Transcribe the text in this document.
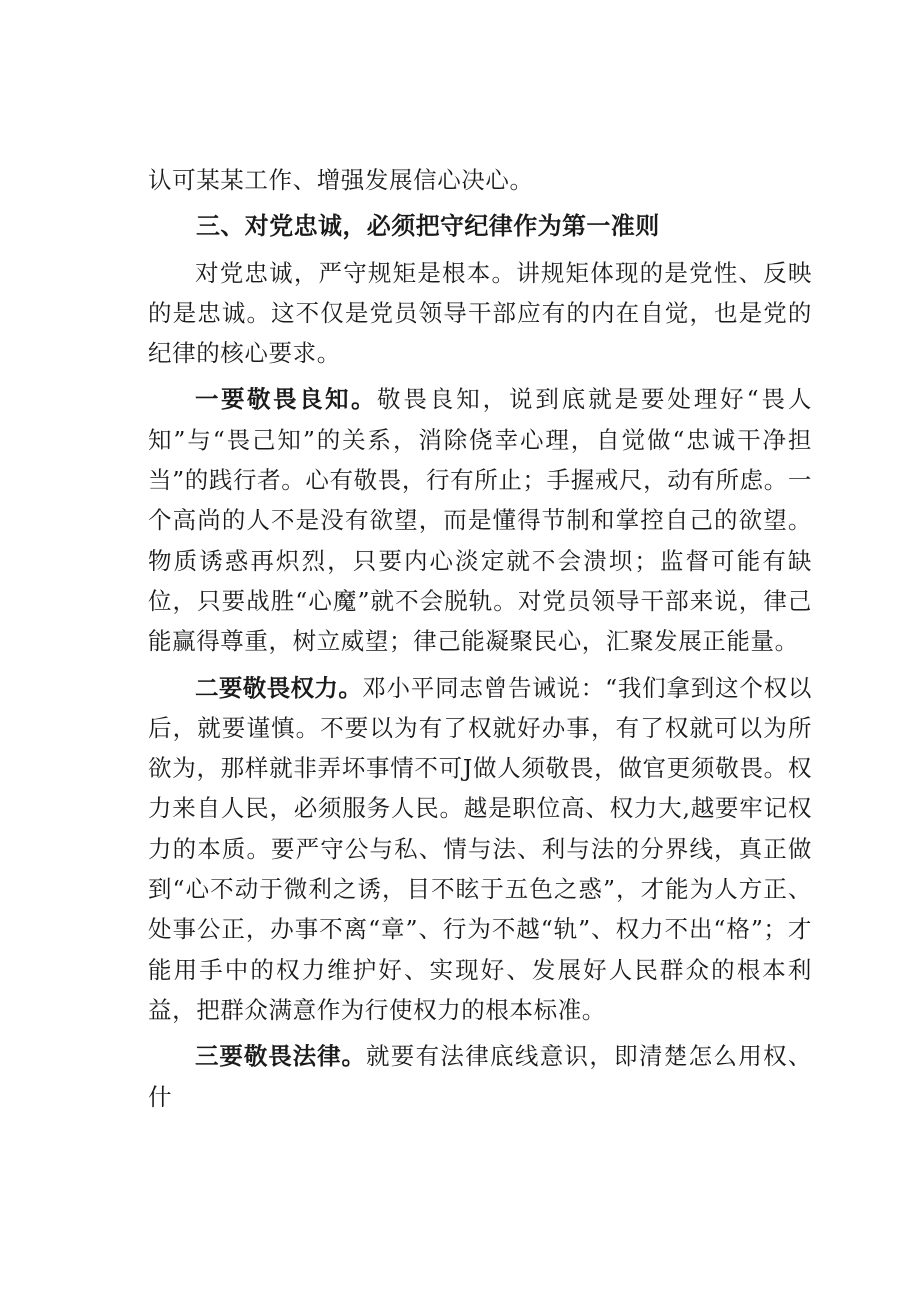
认可某某工作、增强发展信心决心。

三、对党忠诚，必须把守纪律作为第一准则

对党忠诚，严守规矩是根本。讲规矩体现的是党性、反映的是忠诚。这不仅是党员领导干部应有的内在自觉，也是党的纪律的核心要求。

一要敬畏良知。敬畏良知，说到底就是要处理好“畏人知”与“畏己知”的关系，消除侥幸心理，自觉做“忠诚干净担当”的践行者。心有敬畏，行有所止；手握戒尺，动有所虑。一个高尚的人不是没有欲望，而是懂得节制和掌控自己的欲望。物质诱惑再炽烈，只要内心淡定就不会溃坝；监督可能有缺位，只要战胜“心魔”就不会脱轨。对党员领导干部来说，律己能赢得尊重，树立威望；律己能凝聚民心，汇聚发展正能量。

二要敬畏权力。邓小平同志曾告诫说：“我们拿到这个权以后，就要谨慎。不要以为有了权就好办事，有了权就可以为所欲为，那样就非弄坏事情不可J做人须敬畏，做官更须敬畏。权力来自人民，必须服务人民。越是职位高、权力大,越要牢记权力的本质。要严守公与私、情与法、利与法的分界线，真正做到“心不动于微利之诱，目不眩于五色之惑”，才能为人方正、处事公正，办事不离“章”、行为不越“轨”、权力不出“格”；才能用手中的权力维护好、实现好、发展好人民群众的根本利益，把群众满意作为行使权力的根本标准。

三要敬畏法律。就要有法律底线意识，即清楚怎么用权、什
